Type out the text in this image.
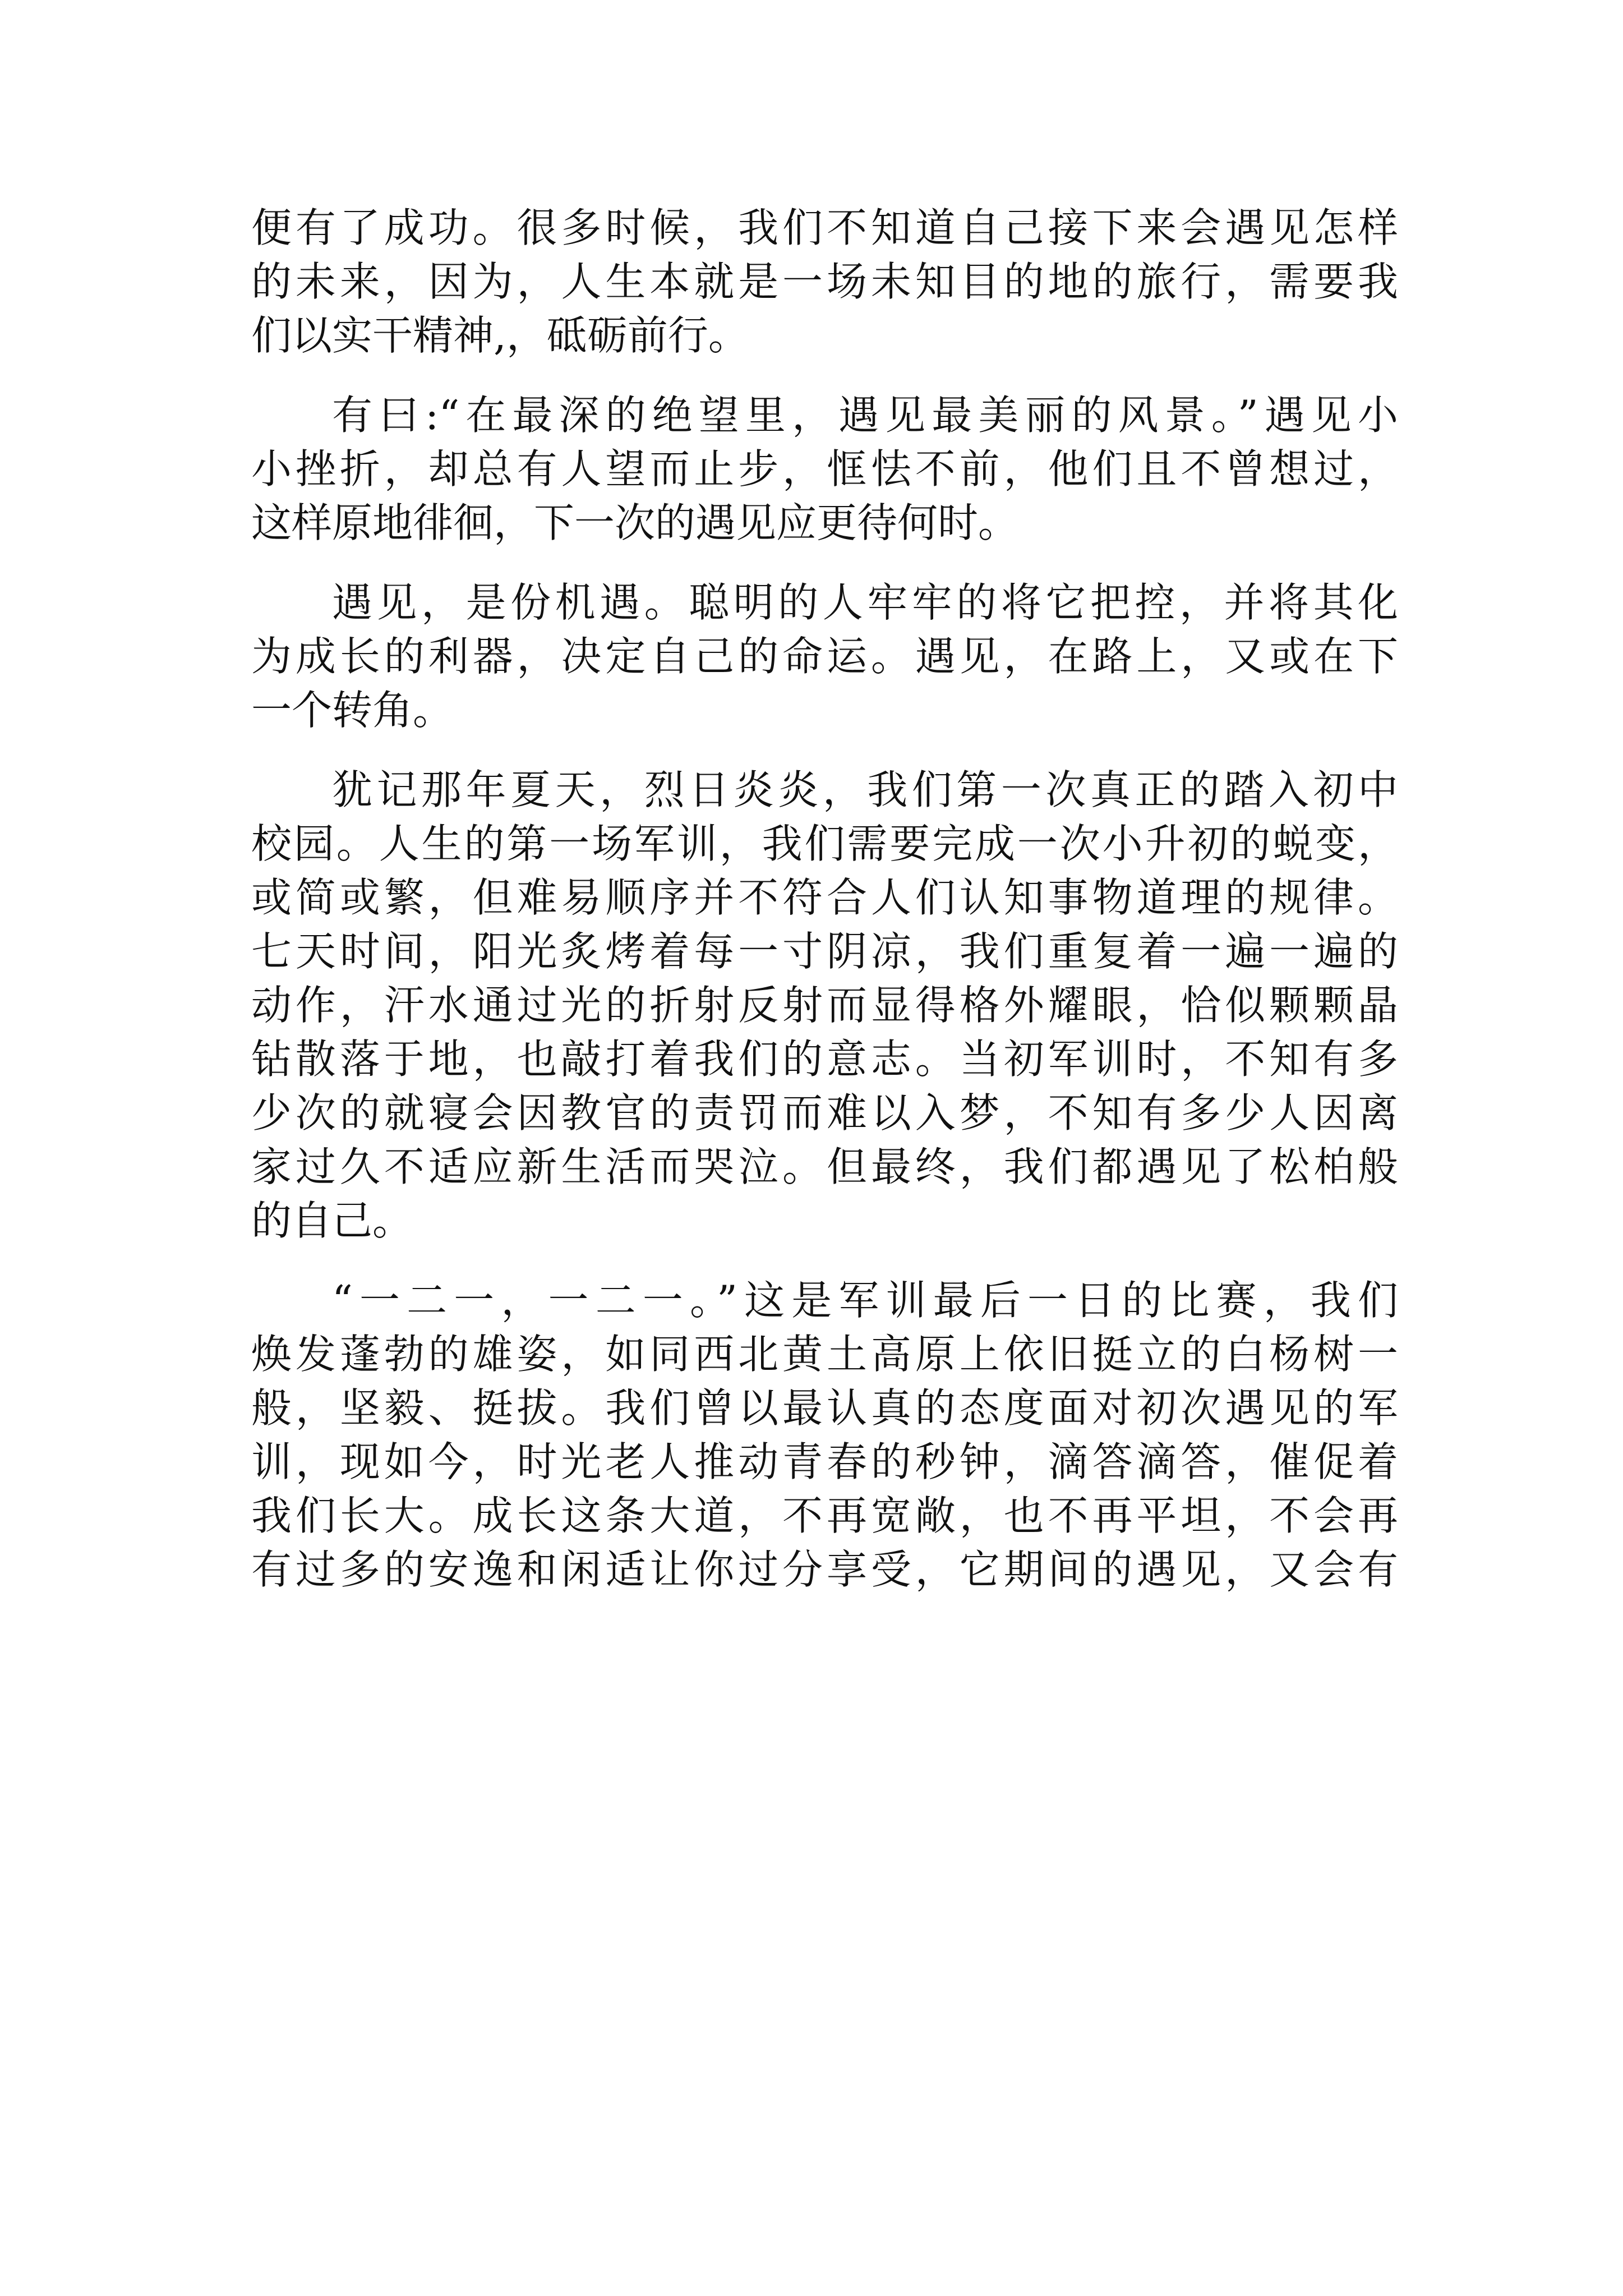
便有了成功。很多时候，我们不知道自己接下来会遇见怎样
的未来，因为，人生本就是一场未知目的地的旅行，需要我
们以实干精神,，砥砺前行。
有曰:“在最深的绝望里，遇见最美丽的风景。”遇见小
小挫折，却总有人望而止步，恇怯不前，他们且不曾想过，
这样原地徘徊，下一次的遇见应更待何时。
遇见，是份机遇。聪明的人牢牢的将它把控，并将其化
为成长的利器，决定自己的命运。遇见，在路上，又或在下
一个转角。
犹记那年夏天，烈日炎炎，我们第一次真正的踏入初中
校园。人生的第一场军训，我们需要完成一次小升初的蜕变，
或简或繁，但难易顺序并不符合人们认知事物道理的规律。
七天时间，阳光炙烤着每一寸阴凉，我们重复着一遍一遍的
动作，汗水通过光的折射反射而显得格外耀眼，恰似颗颗晶
钻散落于地，也敲打着我们的意志。当初军训时，不知有多
少次的就寝会因教官的责罚而难以入梦，不知有多少人因离
家过久不适应新生活而哭泣。但最终，我们都遇见了松柏般
的自己。
“一二一，一二一。”这是军训最后一日的比赛，我们
焕发蓬勃的雄姿，如同西北黄土高原上依旧挺立的白杨树一
般，坚毅、挺拔。我们曾以最认真的态度面对初次遇见的军
训，现如今，时光老人推动青春的秒钟，滴答滴答，催促着
我们长大。成长这条大道，不再宽敞，也不再平坦，不会再
有过多的安逸和闲适让你过分享受，它期间的遇见，又会有
